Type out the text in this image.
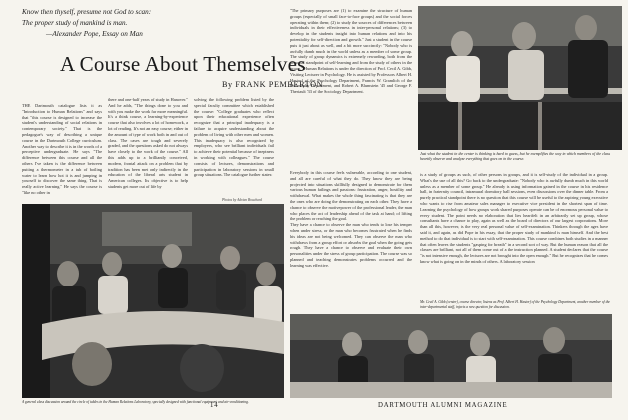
Know then thyself, presume not God to scan:
The proper study of mankind is man.
—Alexander Pope, Essay on Man
A Course About Themselves
By FRANK PEMBERTON
THE Dartmouth catalogue lists it as "Introduction to Human Relations" and says that "this course is designed to increase the student's understanding of social relations in contemporary society." That is the pedagogue's way of describing a unique course in the Dartmouth College curriculum. Another way to describe it is in the words of a perceptive undergraduate. He says "The difference between this course and all the others I've taken is the difference between putting a thermometer in a tub of boiling water to learn how hot it is and jumping in yourself to discover the same thing. That is really active learning." He says the course is "like no other in
there and one-half years of study in Hanover." And he adds, "The things done to you and with you make the work far more meaningful. It's a think course, a learning-by-experience course that also involves a lot of homework, a lot of reading. It's not an easy course; either in the amount of type of work both in and out of class. The cases are tough and severely graded, and the questions asked do not always have closely to the work of the course." All this adds up to a brilliantly conceived, modern, frontal attack on a problem that by tradition has been met only indirectly in the education of the liberal arts student in American colleges. Its objective is to help students get more out of life by
solving the following problem listed by the special faculty committee which established the course: "College graduates who reflect upon their educational experience often recognize that a principal inadequacy is a failure to acquire understanding about the problem of living with other men and women. This inadequacy is also recognized by employers, who see brilliant individuals fail to achieve their potential because of ineptness in working with colleagues." The course consists of lectures, demonstrations and participation in laboratory sessions in small group situations. The catalogue further states:
"The primary purposes are (1) to examine the structure of human groups (especially of small face-to-face groups) and the social forces operating within them; (2) to study the sources of differences between individuals in their effectiveness in inter-personal relations; (3) to develop in the students insight into human relations and into his potentiality for self-direction and growth." Just a student in the course puts it just about as well, and a bit more succinctly: "Nobody who is awfully dumb much in the world unless as a member of some group. The study of group dynamics is extremely rewarding, both from the personal standpoint of self-learning and from the study of others in the group." Human Relations is under the direction of Prof. Cecil A. Gibb, Visiting Lecturer in Psychology. He is assisted by Professors Albert H. Hastorf of the Psychology Department, Francis W. Gramlich of the Philosophy Department, and Robert A. Blumstein '45 and George F. Theriault '33 of the Sociology Department.
Everybody in this course feels vulnerable, according to one student, and all are careful of what they do. They know they are being projected into situations skillfully designed to demonstrate for them various human failings and passions: frustration, anger, hostility and withdrawal. What makes the whole thing fascinating is that they are the ones who are doing the demonstrating on each other. They have a chance to observe the motivepower of the professional leader, the man who places the act of leadership ahead of the task at hand; of lifting the problem or reaching the goal.
They have a chance to observe the man who tends to lose his temper when under stress, or the man who becomes frustrated when he finds his ideas are not being welcomed. They can observe the man who withdraws from a group effort or absorbs the goal when the going gets rough. They have a chance to observe and evaluate their own personalities under the stress of group participation. The course was so planned and teaching demonstrates problems occurred and the learning was effective.
is a study of groups as such, of other persons in groups, and it is self-study of the individual in a group. What's the use of all this? Go back to the undergraduate: "Nobody who is awfully dumb much in this world unless as a member of some group." He already is using information gained in the course in his residence hall, in fraternity council, intramural dormitory ball sessions, even discussions over the dinner table. From a purely practical standpoint there is no question that this course will be useful to the aspiring young executive who wants to rise from amateur sales manager to executive vice president in the shortest span of time. Learning the psychology of how groups work shared purposes operate can be of enormous personal value to every student. The point needs no elaboration that lies heartfelt in an arbitrarily set up group, whose consultants have a chance to play, again as well as the board of directors of our largest corporations. More than all this, however, is the very real personal value of self-examination. Thinkers through the ages have said it, and again, as did Pope in his essay, that the proper study of mankind is man himself. And the best method to do that individual is to start with self-examination. This course combines both studies in a manner that often leaves the students "gasping for breath" in a second sort of way. But the human reason that all the classes are brilliant, not all of them come out of a the instruction planned. A student declares that the course "is not intensive enough, the lectures are not brought into the open enough." But he recognizes that he comes know what is going on in the minds of others. A laboratory session
Just what the student in the center is thinking is hard to guess, but he exemplifies the way in which members of the class heartily observe and analyze everything that goes on in the course.
Photos by Adrian Bouchard
A general class discussion around the circle of tables in the Human Relations Laboratory, specially designed with functional equipment and air-conditioning.
Mr. Cecil A. Gibb (center), course director, listens as Prof. Albert H. Hastorf of the Psychology Department, another member of the inter-departmental staff, injects a new question for discussion.
14	DARTMOUTH ALUMNI MAGAZINE
